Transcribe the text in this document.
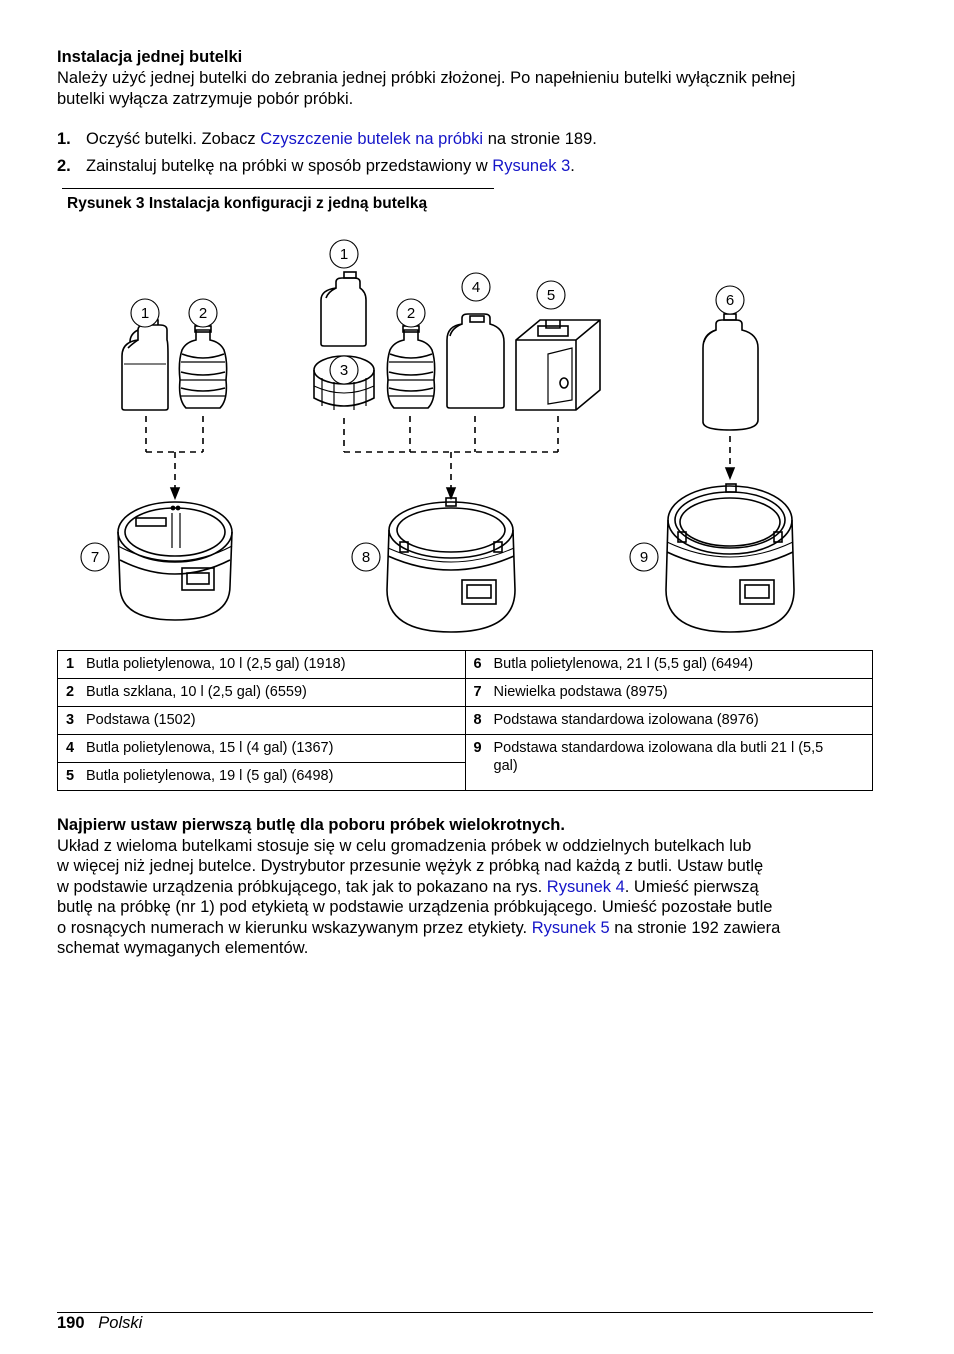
Instalacja jednej butelki
Należy użyć jednej butelki do zebrania jednej próbki złożonej. Po napełnieniu butelki wyłącznik pełnej
butelki wyłącza zatrzymuje pobór próbki.
1. Oczyść butelki. Zobacz Czyszczenie butelek na próbki na stronie 189.
2. Zainstaluj butelkę na próbki w sposób przedstawiony w Rysunek 3.
Rysunek 3 Instalacja konfiguracji z jedną butelką
1	2
1
3
2
4	5	6
7	8	9
1 Butla polietylenowa, 10 l (2,5 gal) (1918)	6 Butla polietylenowa, 21 l (5,5 gal) (6494)
2 Butla szklana, 10 l (2,5 gal) (6559)	7 Niewielka podstawa (8975)
3 Podstawa (1502)	8 Podstawa standardowa izolowana (8976)
4 Butla polietylenowa, 15 l (4 gal) (1367)	9 Podstawa standardowa izolowana dla butli 21 l (5,5 gal)
5 Butla polietylenowa, 19 l (5 gal) (6498)	
Najpierw ustaw pierwszą butlę dla poboru próbek wielokrotnych.
Układ z wieloma butelkami stosuje się w celu gromadzenia próbek w oddzielnych butelkach lub
w więcej niż jednej butelce. Dystrybutor przesunie wężyk z próbką nad każdą z butli. Ustaw butlę
w podstawie urządzenia próbkującego, tak jak to pokazano na rys. Rysunek 4. Umieść pierwszą
butlę na próbkę (nr 1) pod etykietą w podstawie urządzenia próbkującego. Umieść pozostałe butle
o rosnących numerach w kierunku wskazywanym przez etykiety. Rysunek 5 na stronie 192 zawiera
schemat wymaganych elementów.
190 Polski
